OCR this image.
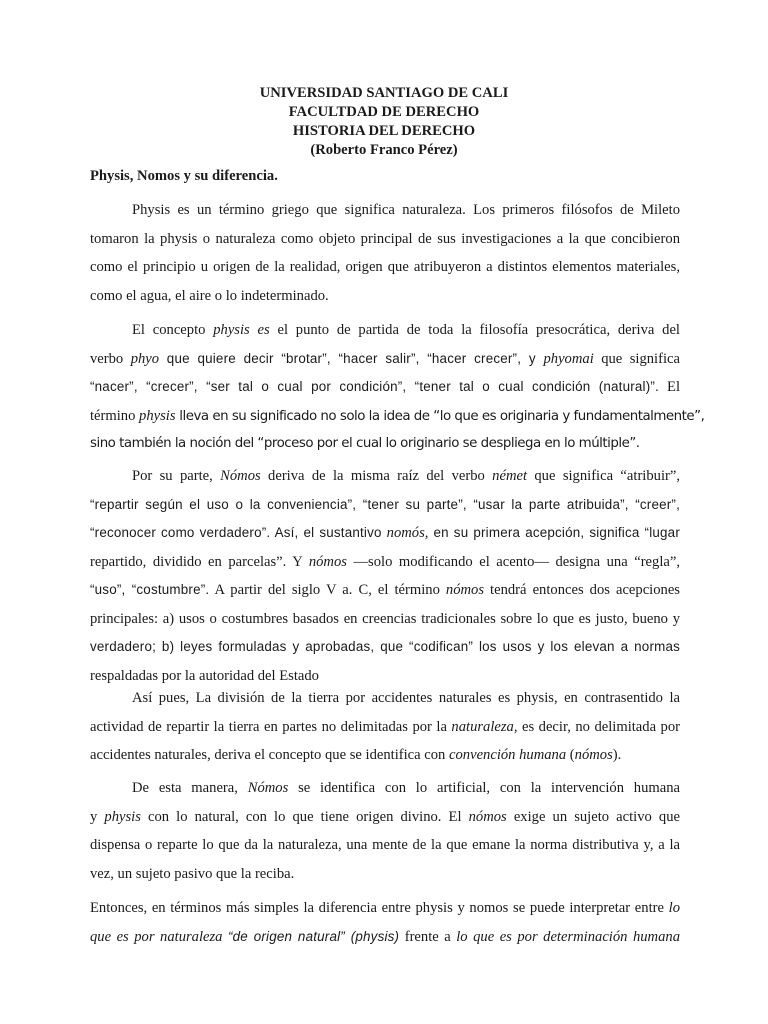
UNIVERSIDAD SANTIAGO DE CALI
FACULTDAD DE DERECHO
HISTORIA DEL DERECHO
(Roberto Franco Pérez)
Physis, Nomos y su diferencia.
Physis es un término griego que significa naturaleza. Los primeros filósofos de Mileto
tomaron la physis o naturaleza como objeto principal de sus investigaciones a la que concibieron
como el principio u origen de la realidad, origen que atribuyeron a distintos elementos materiales,
como el agua, el aire o lo indeterminado.
El concepto physis es el punto de partida de toda la filosofía presocrática, deriva del
verbo phyo que quiere decir “brotar”, “hacer salir”, “hacer crecer”, y phyomai que significa
“nacer”, “crecer”, “ser tal o cual por condición”, “tener tal o cual condición (natural)”. El
término physis lleva en su significado no solo la idea de “lo que es originaria y fundamentalmente”,
sino también la noción del “proceso por el cual lo originario se despliega en lo múltiple”.
Por su parte, Nómos deriva de la misma raíz del verbo német que significa “atribuir”,
“repartir según el uso o la conveniencia”, “tener su parte”, “usar la parte atribuida”, “creer”,
“reconocer como verdadero”. Así, el sustantivo nomós, en su primera acepción, significa “lugar
repartido, dividido en parcelas”. Y nómos —solo modificando el acento— designa una “regla”,
“uso”, “costumbre”. A partir del siglo V a. C, el término nómos tendrá entonces dos acepciones
principales: a) usos o costumbres basados en creencias tradicionales sobre lo que es justo, bueno y
verdadero; b) leyes formuladas y aprobadas, que “codifican” los usos y los elevan a normas
respaldadas por la autoridad del Estado
Así pues, La división de la tierra por accidentes naturales es physis, en contrasentido la
actividad de repartir la tierra en partes no delimitadas por la naturaleza, es decir, no delimitada por
accidentes naturales, deriva el concepto que se identifica con convención humana (nómos).
De esta manera, Nómos se identifica con lo artificial, con la intervención humana
y physis con lo natural, con lo que tiene origen divino. El nómos exige un sujeto activo que
dispensa o reparte lo que da la naturaleza, una mente de la que emane la norma distributiva y, a la
vez, un sujeto pasivo que la reciba.
Entonces, en términos más simples la diferencia entre physis y nomos se puede interpretar entre lo
que es por naturaleza “de origen natural” (physis) frente a lo que es por determinación humana
